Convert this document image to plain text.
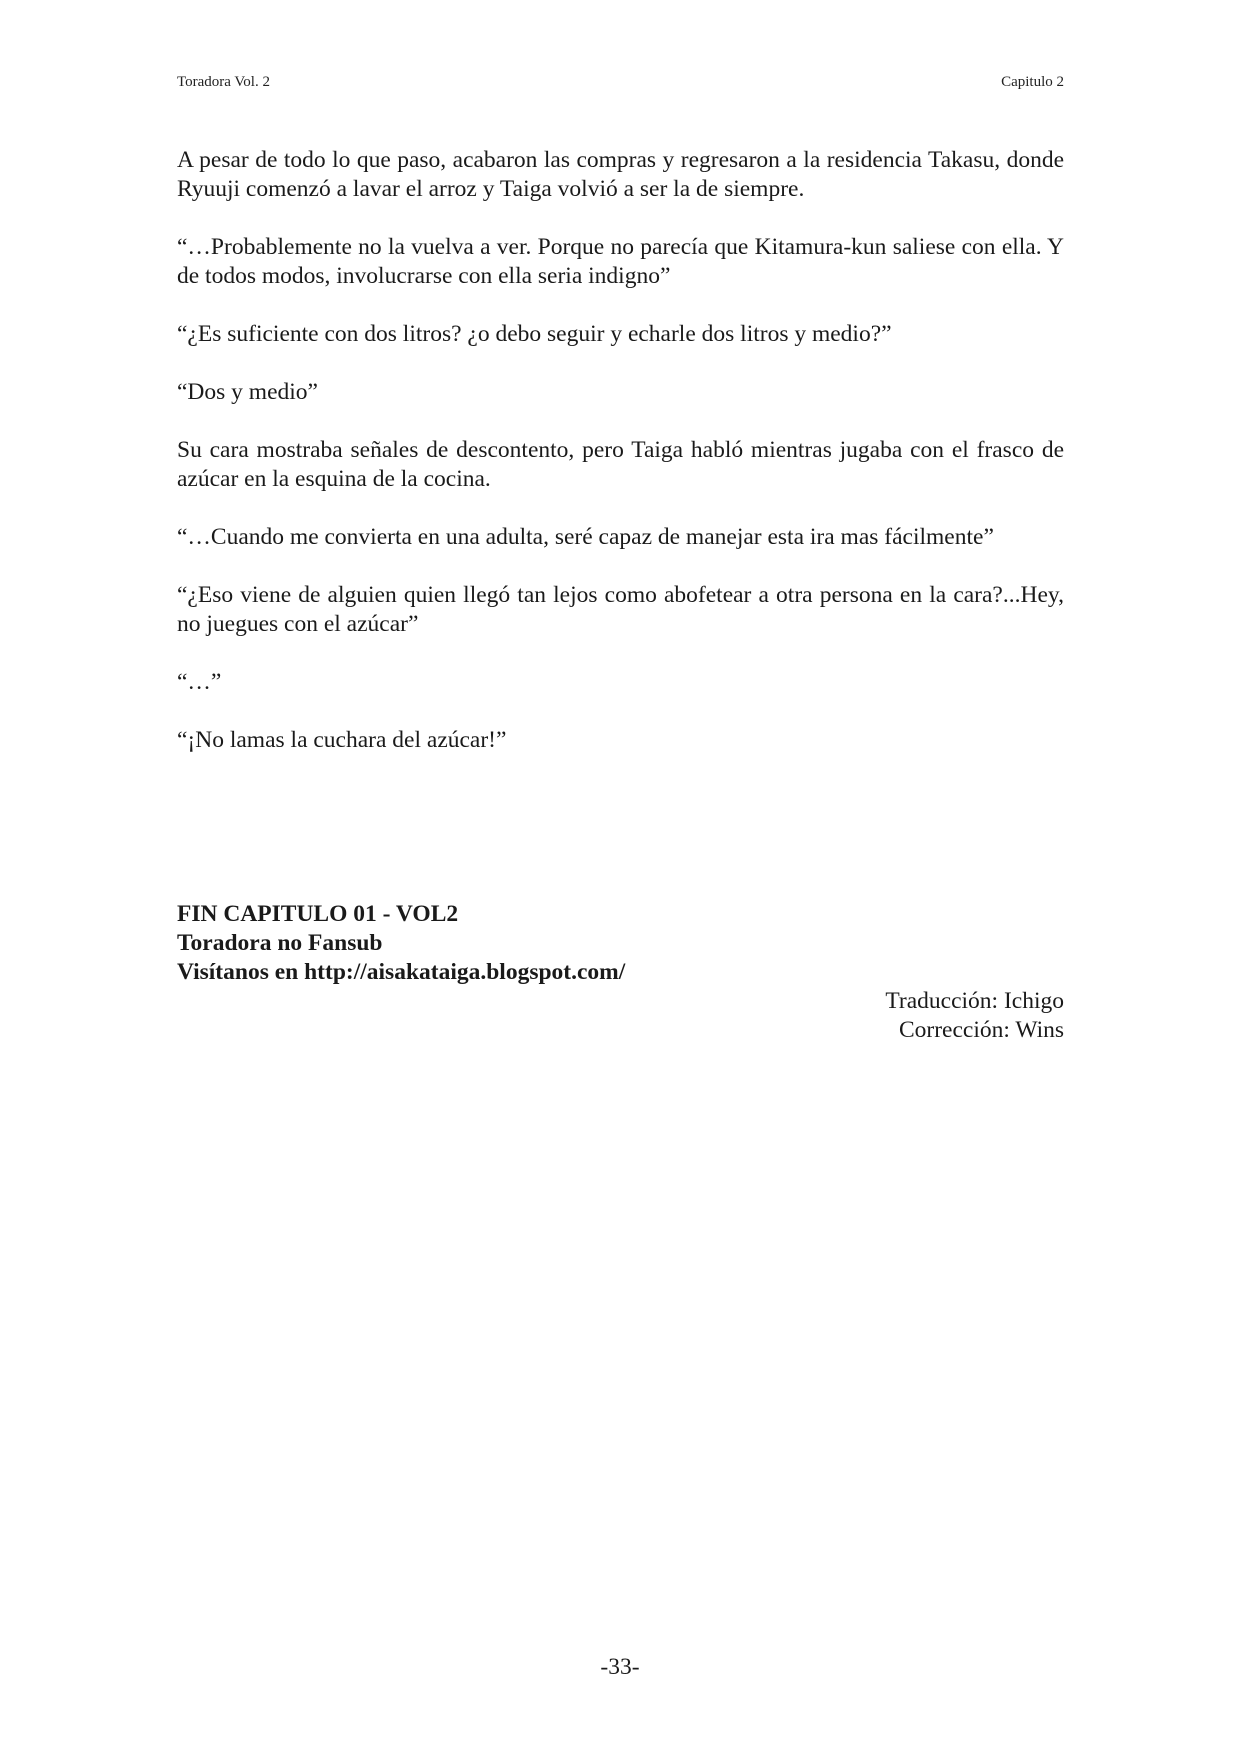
Toradora Vol. 2	Capitulo 2

A pesar de todo lo que paso, acabaron las compras y regresaron a la residencia Takasu, donde Ryuuji comenzó a lavar el arroz y Taiga volvió a ser la de siempre.

“…Probablemente no la vuelva a ver. Porque no parecía que Kitamura-kun saliese con ella. Y de todos modos, involucrarse con ella seria indigno”

“¿Es suficiente con dos litros? ¿o debo seguir y echarle dos litros y medio?”

“Dos y medio”

Su cara mostraba señales de descontento, pero Taiga habló mientras jugaba con el frasco de azúcar en la esquina de la cocina.

“…Cuando me convierta en una adulta, seré capaz de manejar esta ira mas fácilmente”

“¿Eso viene de alguien quien llegó tan lejos como abofetear a otra persona en la cara?...Hey, no juegues con el azúcar”

“…”

“¡No lamas la cuchara del azúcar!”

FIN CAPITULO 01 - VOL2

Toradora no Fansub

Visítanos en http://aisakataiga.blogspot.com/

Traducción: Ichigo

Corrección: Wins

-33-
